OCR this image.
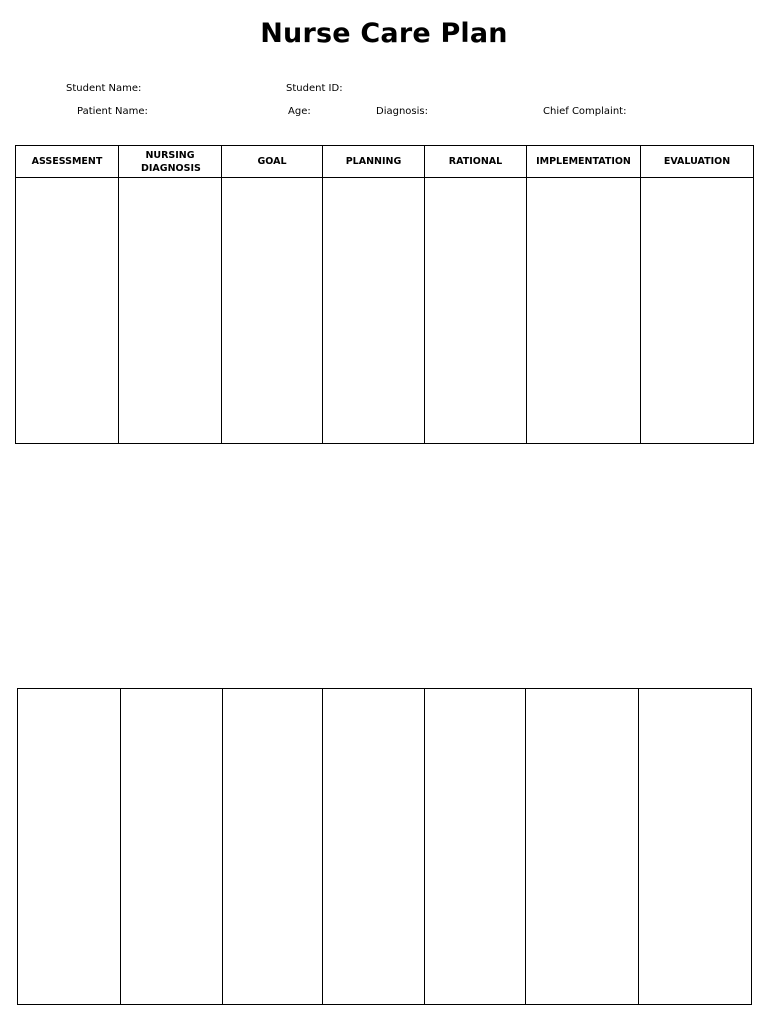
Nurse Care Plan
Student Name:	Student ID:
Patient Name:	Age:	Diagnosis:	Chief Complaint:
ASSESSMENT	NURSING DIAGNOSIS	GOAL	PLANNING	RATIONAL	IMPLEMENTATION	EVALUATION
